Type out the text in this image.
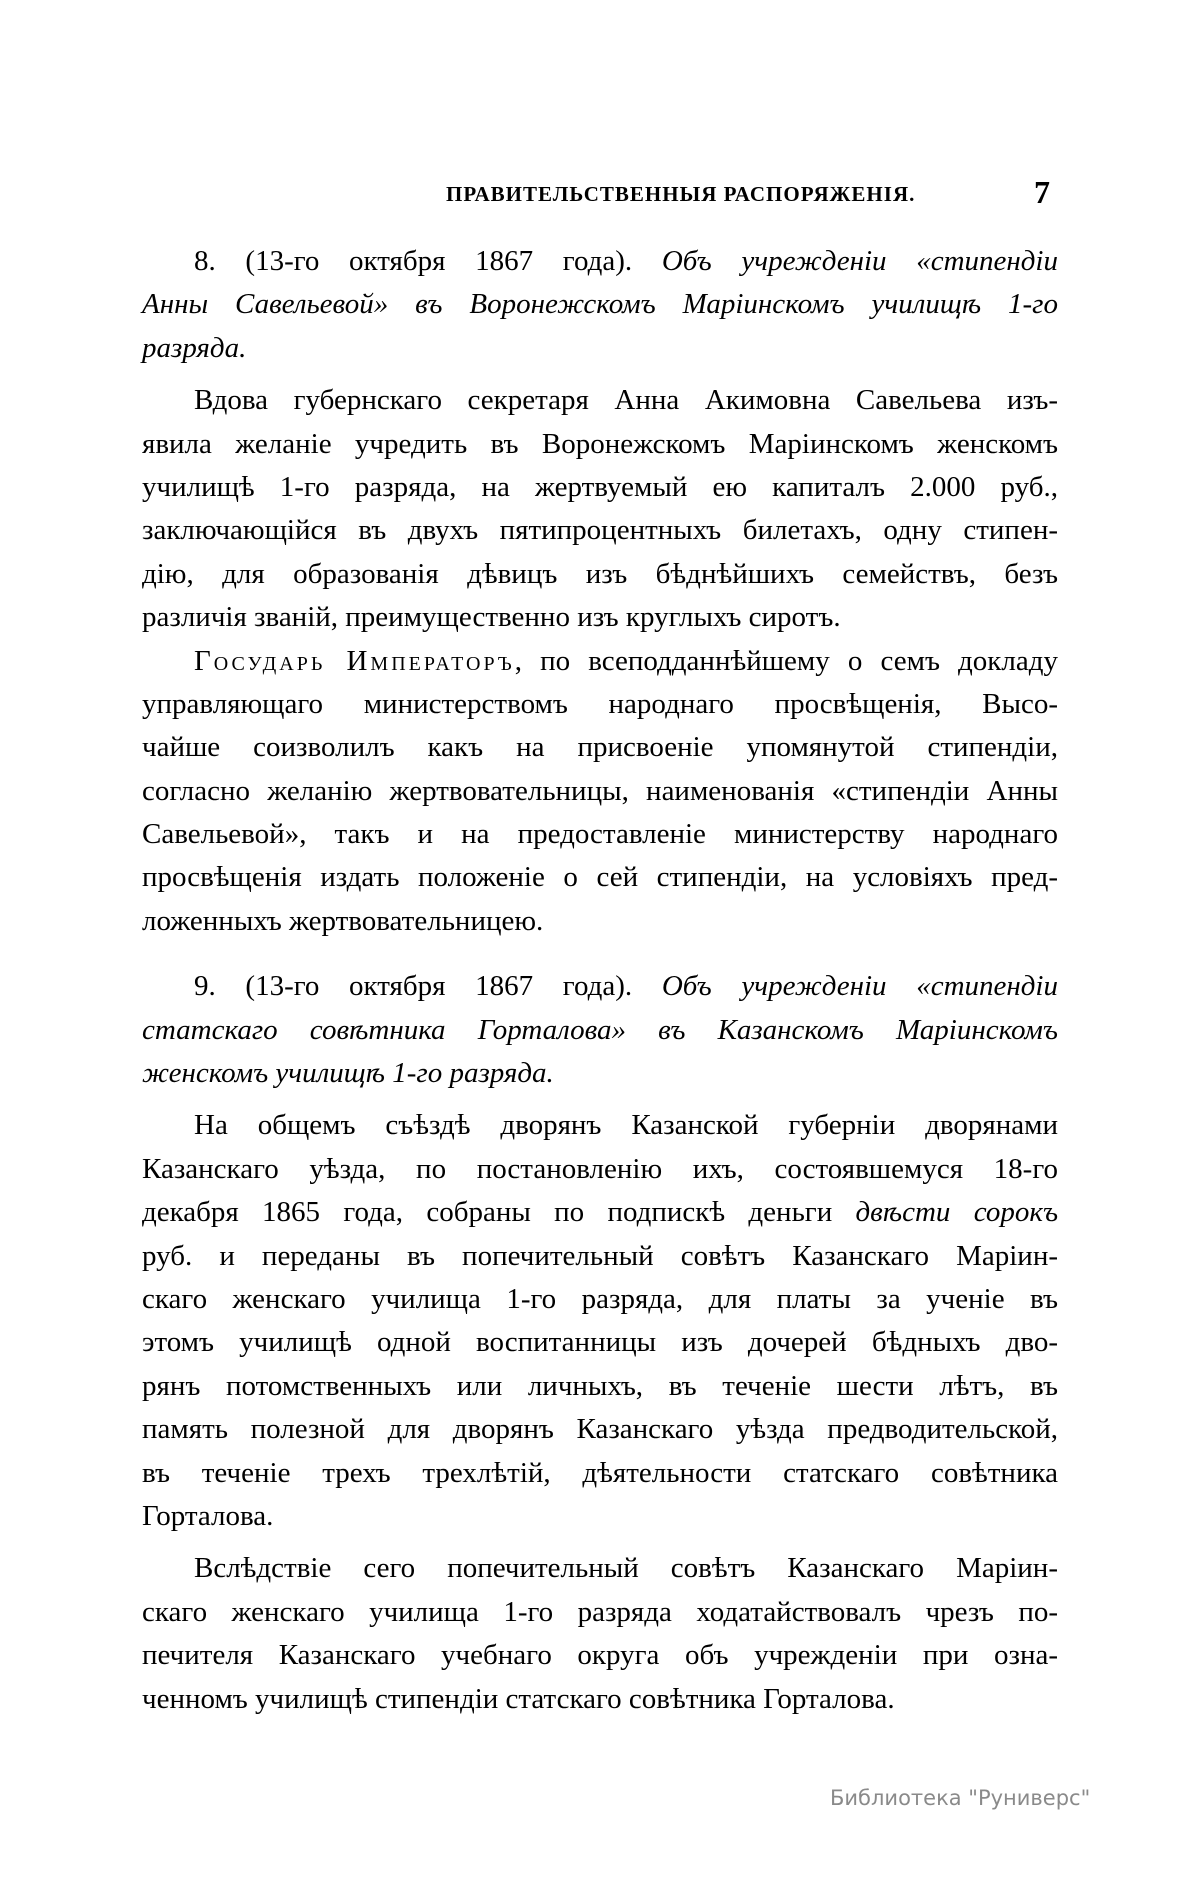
ПРАВИТЕЛЬСТВЕННЫЯ РАСПОРЯЖЕНІЯ.	7
8. (13-го октября 1867 года). Объ учрежденіи «стипендіи
Анны Савельевой» въ Воронежскомъ Маріинскомъ училищѣ 1-го
разряда.
Вдова губернскаго секретаря Анна Акимовна Савельева изъ-
явила желаніе учредить въ Воронежскомъ Маріинскомъ женскомъ
училищѣ 1-го разряда, на жертвуемый ею капиталъ 2.000 руб.,
заключающійся въ двухъ пятипроцентныхъ билетахъ, одну стипен-
дію, для образованія дѣвицъ изъ бѣднѣйшихъ семействъ, безъ
различія званій, преимущественно изъ круглыхъ сиротъ.
Государь Императоръ, по всеподданнѣйшему о семъ докладу
управляющаго министерствомъ народнаго просвѣщенія, Высо-
чайше соизволилъ какъ на присвоеніе упомянутой стипендіи,
согласно желанію жертвовательницы, наименованія «стипендіи Анны
Савельевой», такъ и на предоставленіе министерству народнаго
просвѣщенія издать положеніе о сей стипендіи, на условіяхъ пред-
ложенныхъ жертвовательницею.
9. (13-го октября 1867 года). Объ учрежденіи «стипендіи
статскаго совѣтника Горталова» въ Казанскомъ Маріинскомъ
женскомъ училищѣ 1-го разряда.
На общемъ съѣздѣ дворянъ Казанской губерніи дворянами
Казанскаго уѣзда, по постановленію ихъ, состоявшемуся 18-го
декабря 1865 года, собраны по подпискѣ деньги двѣсти сорокъ
руб. и переданы въ попечительный совѣтъ Казанскаго Маріин-
скаго женскаго училища 1-го разряда, для платы за ученіе въ
этомъ училищѣ одной воспитанницы изъ дочерей бѣдныхъ дво-
рянъ потомственныхъ или личныхъ, въ теченіе шести лѣтъ, въ
память полезной для дворянъ Казанскаго уѣзда предводительской,
въ теченіе трехъ трехлѣтій, дѣятельности статскаго совѣтника
Горталова.
Вслѣдствіе сего попечительный совѣтъ Казанскаго Маріин-
скаго женскаго училища 1-го разряда ходатайствовалъ чрезъ по-
печителя Казанскаго учебнаго округа объ учрежденіи при озна-
ченномъ училищѣ стипендіи статскаго совѣтника Горталова.
Библиотека "Руниверс"
